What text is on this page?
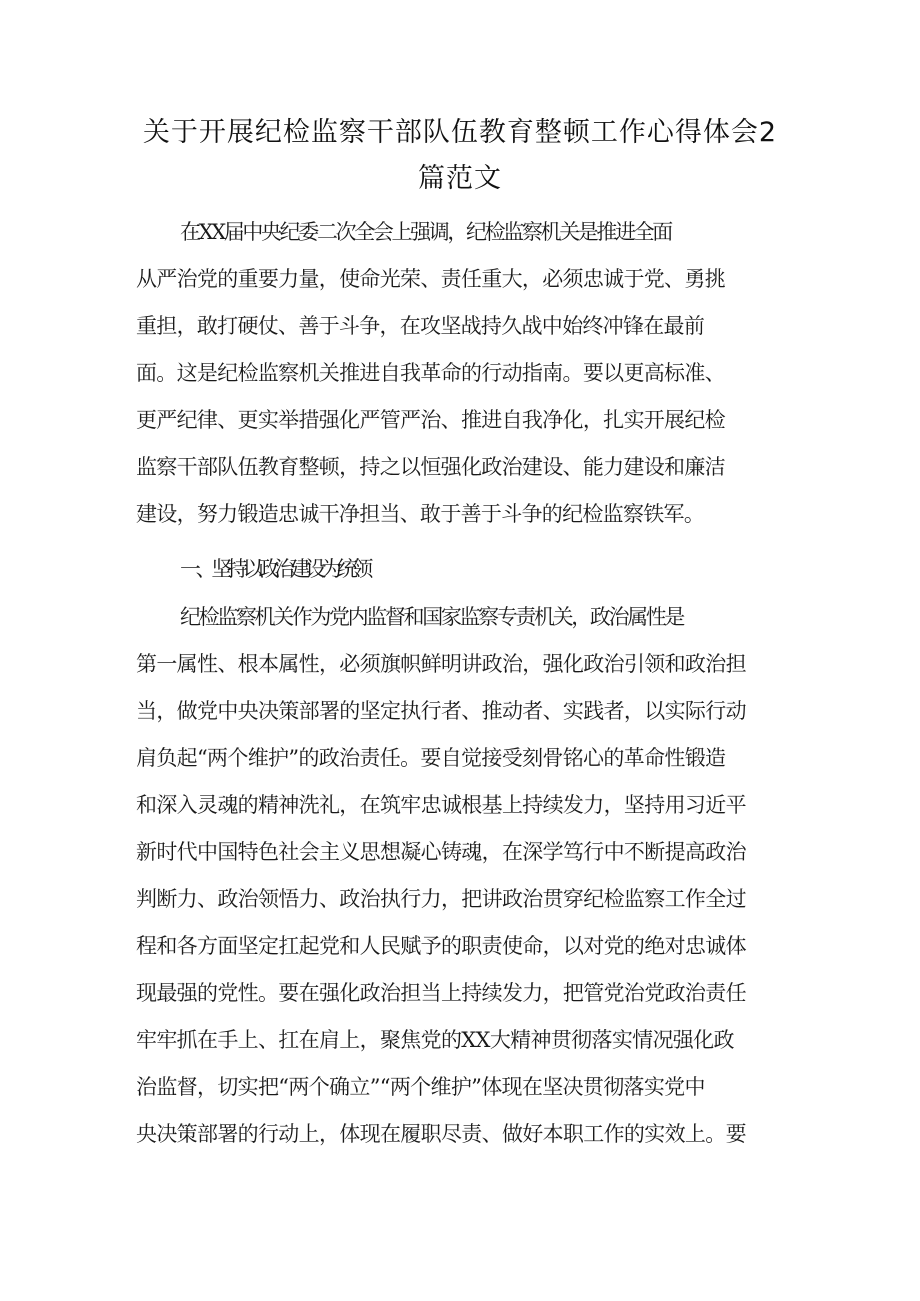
关于开展纪检监察干部队伍教育整顿工作心得体会2
篇范文
在XX届中央纪委二次全会上强调，纪检监察机关是推进全面
从严治党的重要力量，使命光荣、责任重大，必须忠诚于党、勇挑
重担，敢打硬仗、善于斗争，在攻坚战持久战中始终冲锋在最前
面。这是纪检监察机关推进自我革命的行动指南。要以更高标准、
更严纪律、更实举措强化严管严治、推进自我净化，扎实开展纪检
监察干部队伍教育整顿，持之以恒强化政治建设、能力建设和廉洁
建设，努力锻造忠诚干净担当、敢于善于斗争的纪检监察铁军。
一、坚持以政治建设为统领
纪检监察机关作为党内监督和国家监察专责机关，政治属性是
第一属性、根本属性，必须旗帜鲜明讲政治，强化政治引领和政治担
当，做党中央决策部署的坚定执行者、推动者、实践者，以实际行动
肩负起“两个维护”的政治责任。要自觉接受刻骨铭心的革命性锻造
和深入灵魂的精神洗礼，在筑牢忠诚根基上持续发力，坚持用习近平
新时代中国特色社会主义思想凝心铸魂，在深学笃行中不断提高政治
判断力、政治领悟力、政治执行力，把讲政治贯穿纪检监察工作全过
程和各方面坚定扛起党和人民赋予的职责使命，以对党的绝对忠诚体
现最强的党性。要在强化政治担当上持续发力，把管党治党政治责任
牢牢抓在手上、扛在肩上，聚焦党的XX大精神贯彻落实情况强化政
治监督，切实把“两个确立”“两个维护”体现在坚决贯彻落实党中
央决策部署的行动上，体现在履职尽责、做好本职工作的实效上。要
